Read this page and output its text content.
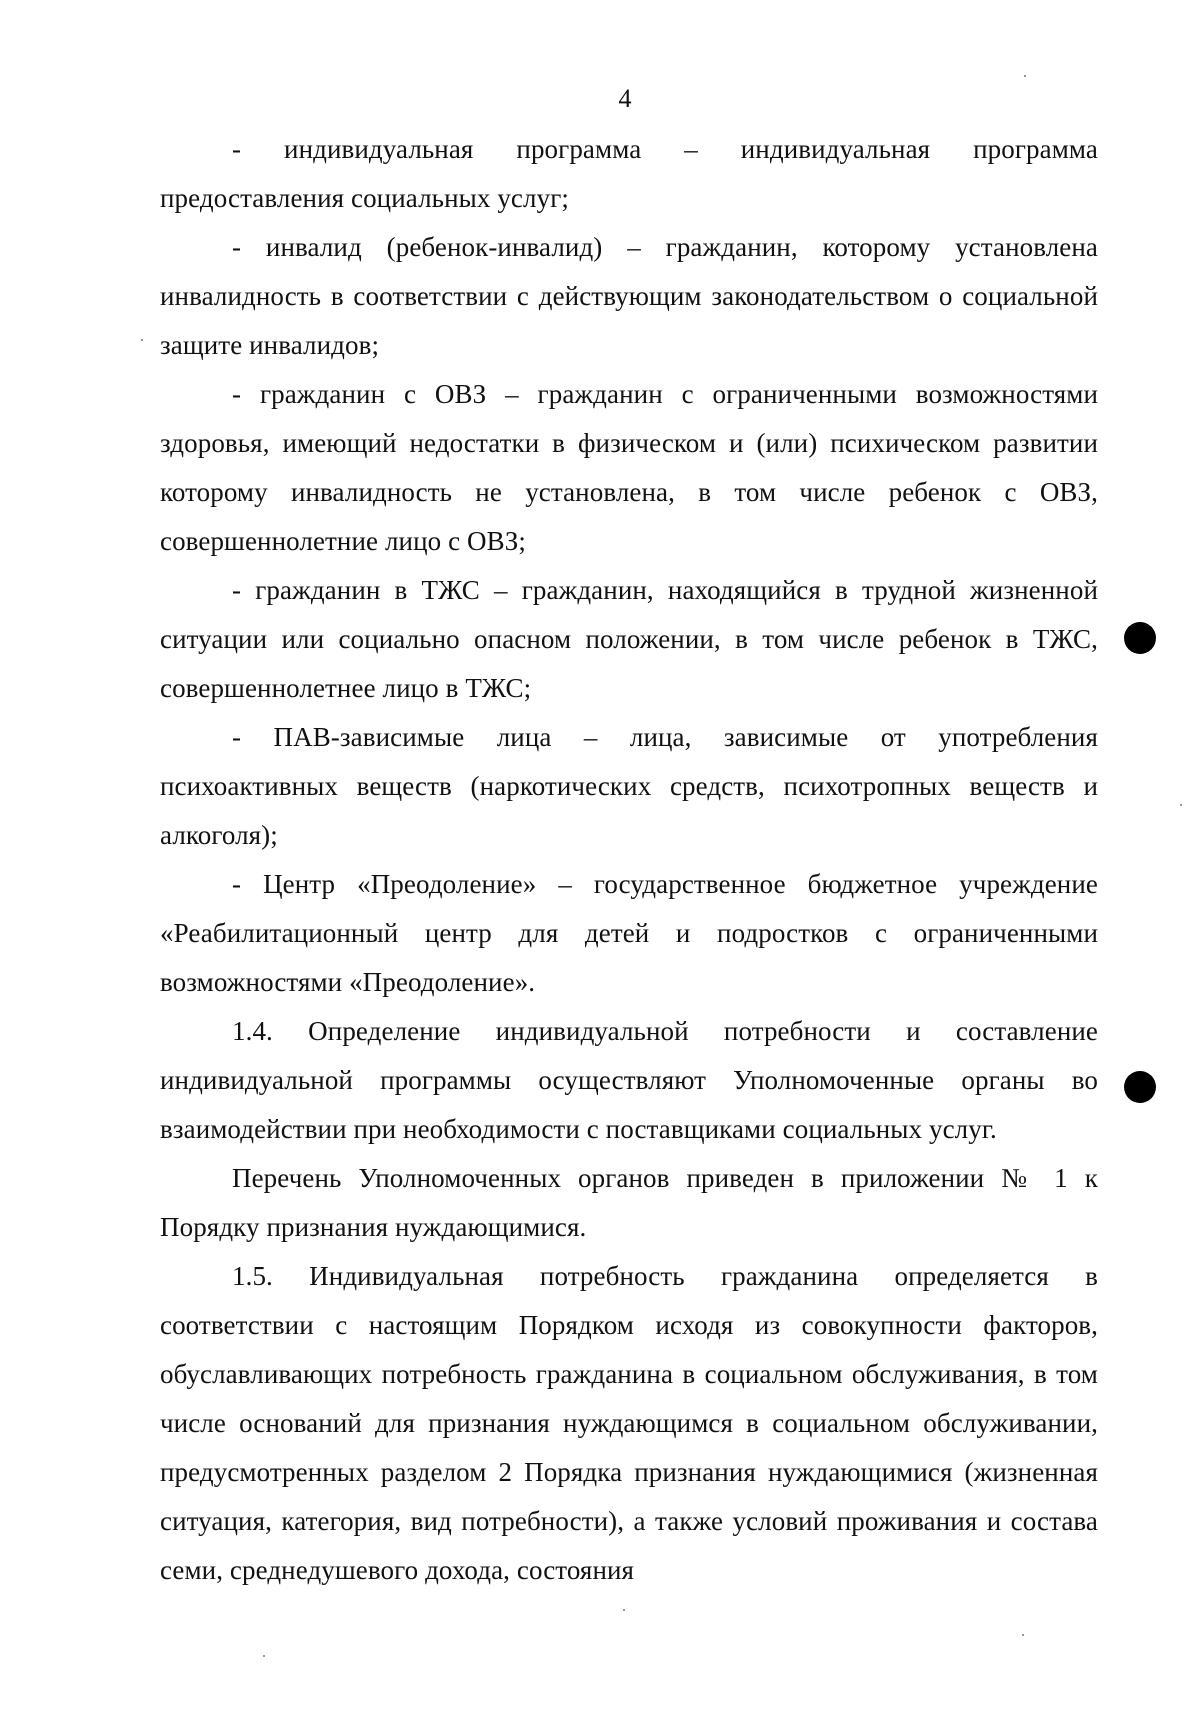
4

- индивидуальная программа – индивидуальная программа предоставления социальных услуг;

- инвалид (ребенок-инвалид) – гражданин, которому установлена инвалидность в соответствии с действующим законодательством о социальной защите инвалидов;

- гражданин с ОВЗ – гражданин с ограниченными возможностями здоровья, имеющий недостатки в физическом и (или) психическом развитии которому инвалидность не установлена, в том числе ребенок с ОВЗ, совершеннолетние лицо с ОВЗ;

- гражданин в ТЖС – гражданин, находящийся в трудной жизненной ситуации или социально опасном положении, в том числе ребенок в ТЖС, совершеннолетнее лицо в ТЖС;

- ПАВ-зависимые лица – лица, зависимые от употребления психоактивных веществ (наркотических средств, психотропных веществ и алкоголя);

- Центр «Преодоление» – государственное бюджетное учреждение «Реабилитационный центр для детей и подростков с ограниченными возможностями «Преодоление».

1.4. Определение индивидуальной потребности и составление индивидуальной программы осуществляют Уполномоченные органы во взаимодействии при необходимости с поставщиками социальных услуг.

Перечень Уполномоченных органов приведен в приложении № 1 к Порядку признания нуждающимися.

1.5. Индивидуальная потребность гражданина определяется в соответствии с настоящим Порядком исходя из совокупности факторов, обуславливающих потребность гражданина в социальном обслуживания, в том числе оснований для признания нуждающимся в социальном обслуживании, предусмотренных разделом 2 Порядка признания нуждающимися (жизненная ситуация, категория, вид потребности), а также условий проживания и состава семи, среднедушевого дохода, состояния
